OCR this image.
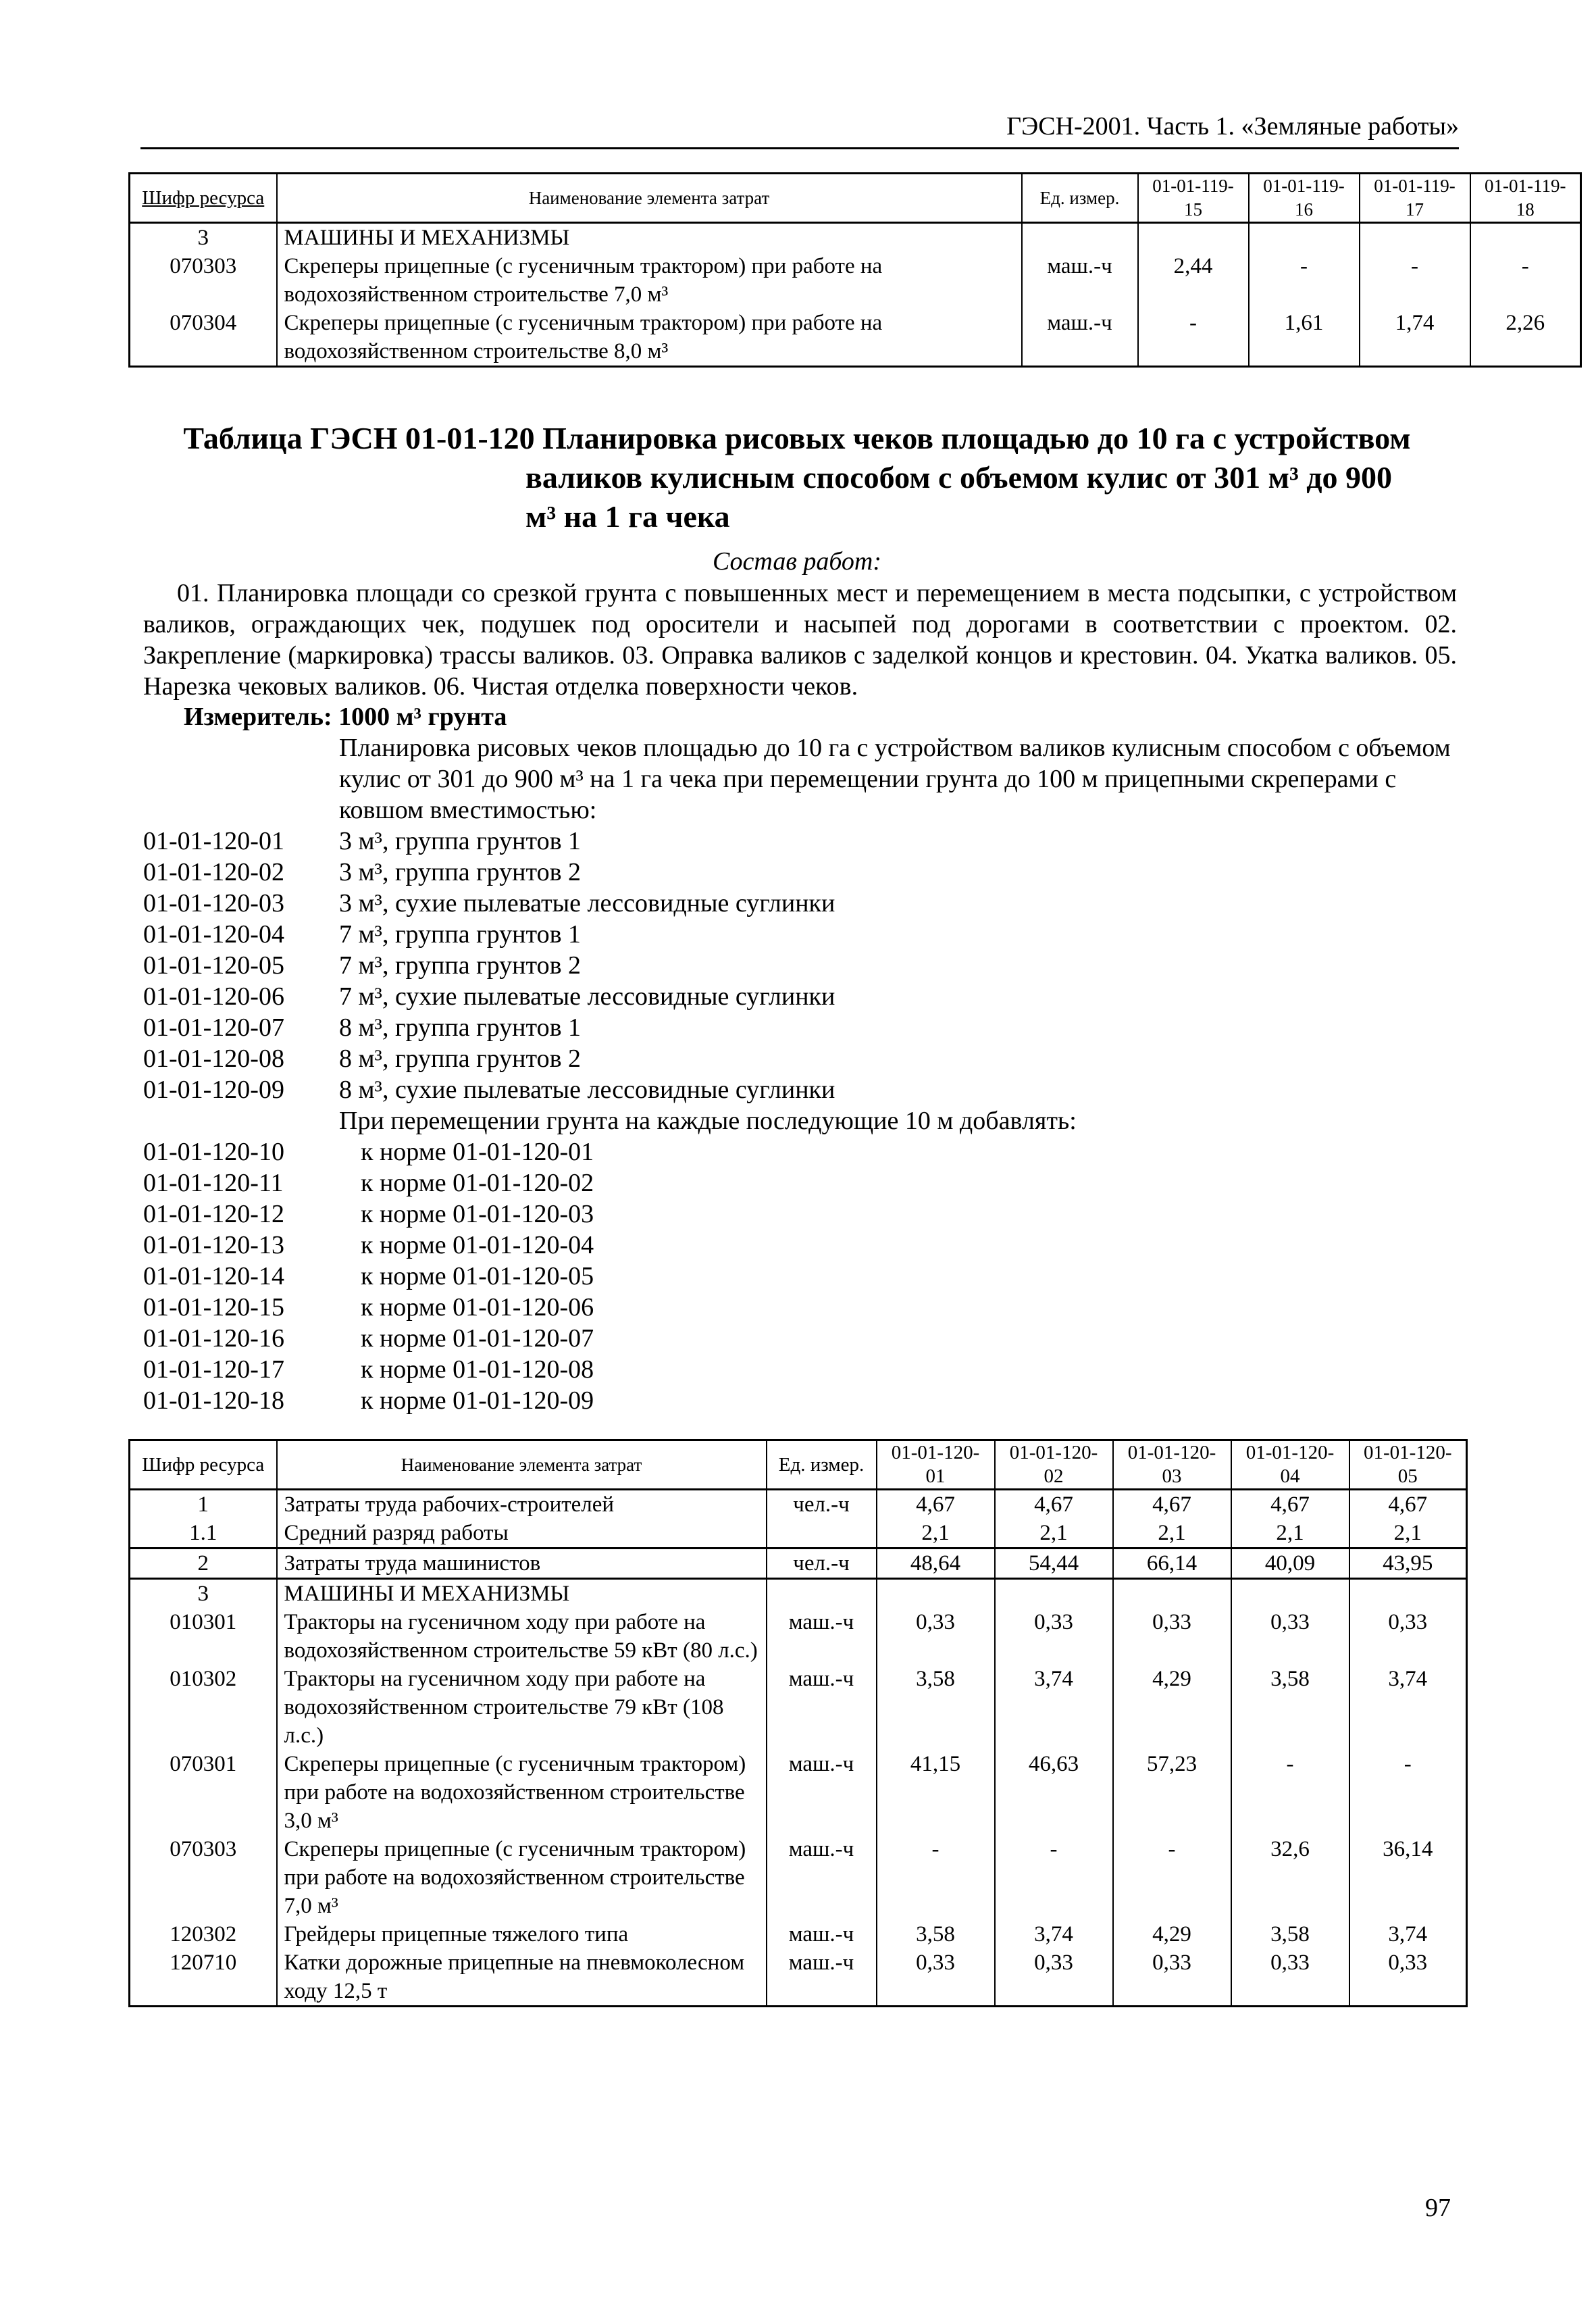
ГЭСН-2001. Часть 1. «Земляные работы»
Шифр ресурса	Наименование элемента затрат	Ед. измер.	01-01-119-15	01-01-119-16	01-01-119-17	01-01-119-18
3	МАШИНЫ И МЕХАНИЗМЫ					
070303	Скреперы прицепные (с гусеничным трактором) при работе на водохозяйственном строительстве 7,0 м³	маш.-ч	2,44	-	-	-
070304	Скреперы прицепные (с гусеничным трактором) при работе на водохозяйственном строительстве 8,0 м³	маш.-ч	-	1,61	1,74	2,26
Таблица ГЭСН 01-01-120 Планировка рисовых чеков площадью до 10 га с устройством
валиков кулисным способом с объемом кулис от 301 м³ до 900
м³ на 1 га чека
Состав работ:
01. Планировка площади со срезкой грунта с повышенных мест и перемещением в места подсыпки, с устройством валиков, ограждающих чек, подушек под оросители и насыпей под дорогами в соответствии с проектом. 02. Закрепление (маркировка) трассы валиков. 03. Оправка валиков с заделкой концов и крестовин. 04. Укатка валиков. 05. Нарезка чековых валиков. 06. Чистая отделка поверхности чеков.
Измеритель: 1000 м³ грунта
Планировка рисовых чеков площадью до 10 га с устройством валиков кулисным способом с объемом кулис от 301 до 900 м³ на 1 га чека при перемещении грунта до 100 м прицепными скреперами с ковшом вместимостью:
01-01-120-01	3 м³, группа грунтов 1
01-01-120-02	3 м³, группа грунтов 2
01-01-120-03	3 м³, сухие пылеватые лессовидные суглинки
01-01-120-04	7 м³, группа грунтов 1
01-01-120-05	7 м³, группа грунтов 2
01-01-120-06	7 м³, сухие пылеватые лессовидные суглинки
01-01-120-07	8 м³, группа грунтов 1
01-01-120-08	8 м³, группа грунтов 2
01-01-120-09	8 м³, сухие пылеватые лессовидные суглинки
При перемещении грунта на каждые последующие 10 м добавлять:
01-01-120-10	к норме 01-01-120-01
01-01-120-11	к норме 01-01-120-02
01-01-120-12	к норме 01-01-120-03
01-01-120-13	к норме 01-01-120-04
01-01-120-14	к норме 01-01-120-05
01-01-120-15	к норме 01-01-120-06
01-01-120-16	к норме 01-01-120-07
01-01-120-17	к норме 01-01-120-08
01-01-120-18	к норме 01-01-120-09
Шифр ресурса	Наименование элемента затрат	Ед. измер.	01-01-120-01	01-01-120-02	01-01-120-03	01-01-120-04	01-01-120-05
1	Затраты труда рабочих-строителей	чел.-ч	4,67	4,67	4,67	4,67	4,67
1.1	Средний разряд работы		2,1	2,1	2,1	2,1	2,1
2	Затраты труда машинистов	чел.-ч	48,64	54,44	66,14	40,09	43,95
3	МАШИНЫ И МЕХАНИЗМЫ						
010301	Тракторы на гусеничном ходу при работе на водохозяйственном строительстве 59 кВт (80 л.с.)	маш.-ч	0,33	0,33	0,33	0,33	0,33
010302	Тракторы на гусеничном ходу при работе на водохозяйственном строительстве 79 кВт (108 л.с.)	маш.-ч	3,58	3,74	4,29	3,58	3,74
070301	Скреперы прицепные (с гусеничным трактором) при работе на водохозяйственном строительстве 3,0 м³	маш.-ч	41,15	46,63	57,23	-	-
070303	Скреперы прицепные (с гусеничным трактором) при работе на водохозяйственном строительстве 7,0 м³	маш.-ч	-	-	-	32,6	36,14
120302	Грейдеры прицепные тяжелого типа	маш.-ч	3,58	3,74	4,29	3,58	3,74
120710	Катки дорожные прицепные на пневмоколесном ходу 12,5 т	маш.-ч	0,33	0,33	0,33	0,33	0,33
97
